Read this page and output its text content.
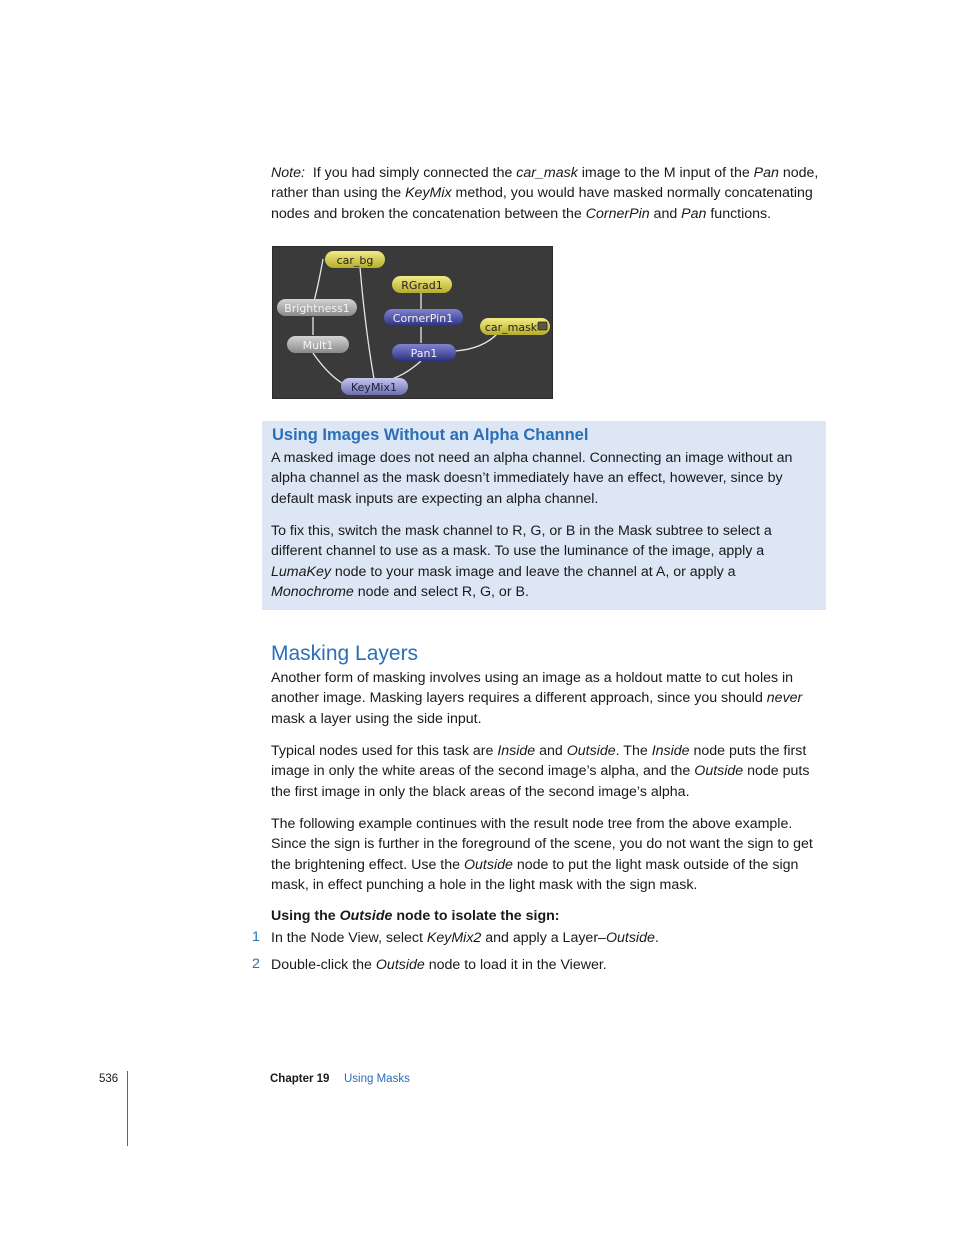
Note: If you had simply connected the car_mask image to the M input of the Pan node, rather than using the KeyMix method, you would have masked normally concatenating nodes and broken the concatenation between the CornerPin and Pan functions.

car_bg
RGrad1
Brightness1
CornerPin1
car_mask
Mult1
Pan1
KeyMix1
Using Images Without an Alpha Channel

A masked image does not need an alpha channel. Connecting an image without an alpha channel as the mask doesn’t immediately have an effect, however, since by default mask inputs are expecting an alpha channel.

To fix this, switch the mask channel to R, G, or B in the Mask subtree to select a different channel to use as a mask. To use the luminance of the image, apply a LumaKey node to your mask image and leave the channel at A, or apply a Monochrome node and select R, G, or B.

Masking Layers

Another form of masking involves using an image as a holdout matte to cut holes in another image. Masking layers requires a different approach, since you should never mask a layer using the side input.

Typical nodes used for this task are Inside and Outside. The Inside node puts the first image in only the white areas of the second image’s alpha, and the Outside node puts the first image in only the black areas of the second image’s alpha.

The following example continues with the result node tree from the above example. Since the sign is further in the foreground of the scene, you do not want the sign to get the brightening effect. Use the Outside node to put the light mask outside of the sign mask, in effect punching a hole in the light mask with the sign mask.

Using the Outside node to isolate the sign:

1 In the Node View, select KeyMix2 and apply a Layer–Outside.
2 Double-click the Outside node to load it in the Viewer.
536	Chapter 19 Using Masks
